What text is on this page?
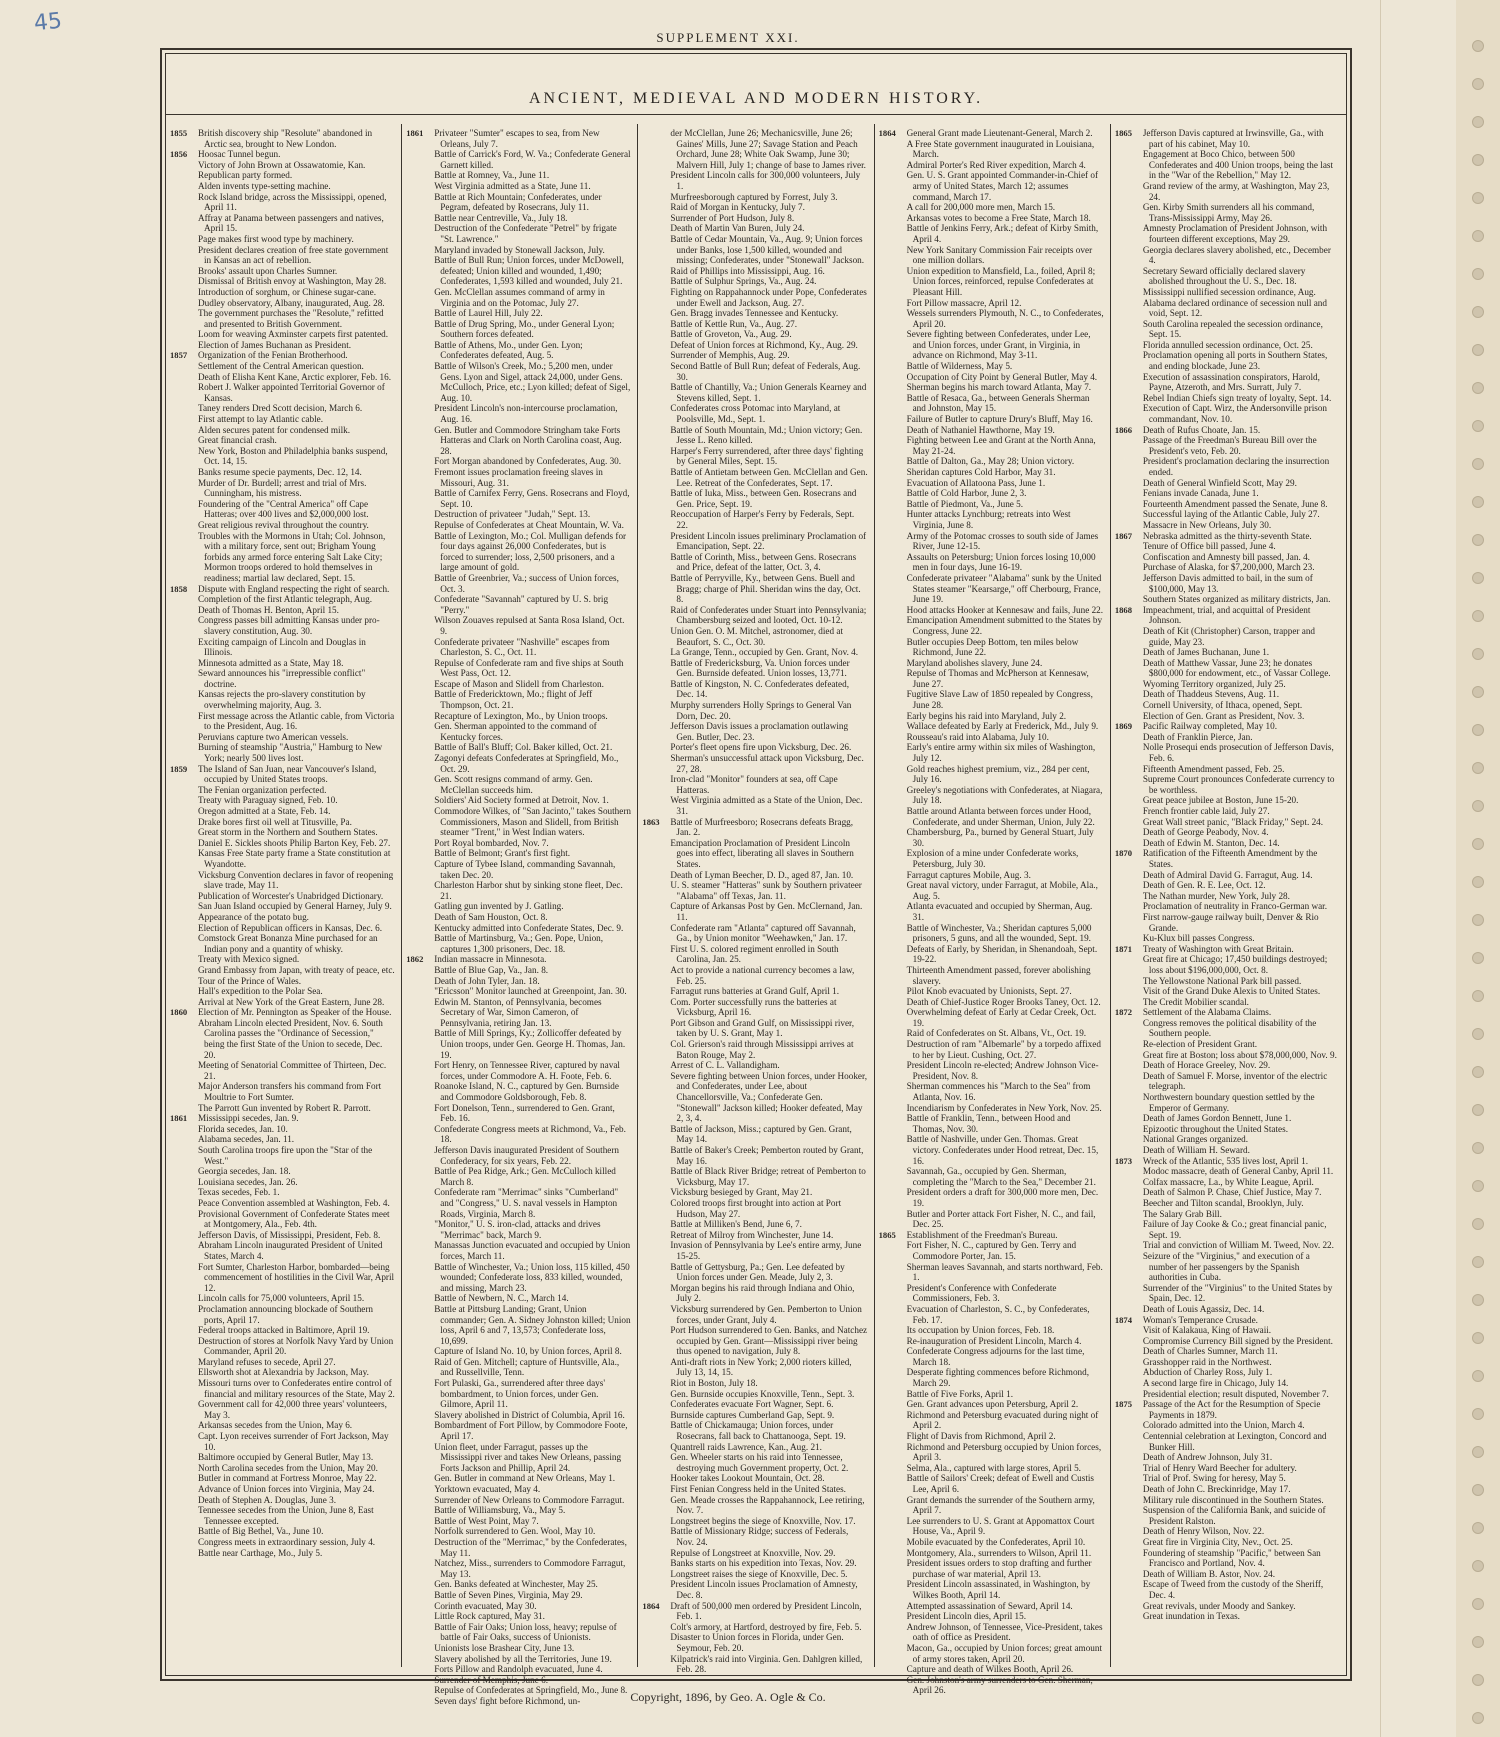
45
SUPPLEMENT XXI.
ANCIENT, MEDIEVAL AND MODERN HISTORY.
1855	British discovery ship "Resolute" abandoned in Arctic sea, brought to New London.
1856	Hoosac Tunnel begun.
Victory of John Brown at Ossawatomie, Kan.
Republican party formed.
Alden invents type-setting machine.
Rock Island bridge, across the Mississippi, opened, April 11.
Affray at Panama between passengers and natives, April 15.
Page makes first wood type by machinery.
President declares creation of free state government in Kansas an act of rebellion.
Brooks' assault upon Charles Sumner.
Dismissal of British envoy at Washington, May 28.
Introduction of sorghum, or Chinese sugar-cane.
Dudley observatory, Albany, inaugurated, Aug. 28.
The government purchases the "Resolute," refitted and presented to British Government.
Loom for weaving Axminster carpets first patented.
Election of James Buchanan as President.
1857	Organization of the Fenian Brotherhood.
Settlement of the Central American question.
Death of Elisha Kent Kane, Arctic explorer, Feb. 16.
Robert J. Walker appointed Territorial Governor of Kansas.
Taney renders Dred Scott decision, March 6.
First attempt to lay Atlantic cable.
Alden secures patent for condensed milk.
Great financial crash.
New York, Boston and Philadelphia banks suspend, Oct. 14, 15.
Banks resume specie payments, Dec. 12, 14.
Murder of Dr. Burdell; arrest and trial of Mrs. Cunningham, his mistress.
Foundering of the "Central America" off Cape Hatteras; over 400 lives and $2,000,000 lost.
Great religious revival throughout the country.
Troubles with the Mormons in Utah; Col. Johnson, with a military force, sent out; Brigham Young forbids any armed force entering Salt Lake City; Mormon troops ordered to hold themselves in readiness; martial law declared, Sept. 15.
1858	Dispute with England respecting the right of search.
Completion of the first Atlantic telegraph, Aug.
Death of Thomas H. Benton, April 15.
Congress passes bill admitting Kansas under pro-slavery constitution, Aug. 30.
Exciting campaign of Lincoln and Douglas in Illinois.
Minnesota admitted as a State, May 18.
Seward announces his "irrepressible conflict" doctrine.
Kansas rejects the pro-slavery constitution by overwhelming majority, Aug. 3.
First message across the Atlantic cable, from Victoria to the President, Aug. 16.
Peruvians capture two American vessels.
Burning of steamship "Austria," Hamburg to New York; nearly 500 lives lost.
1859	The Island of San Juan, near Vancouver's Island, occupied by United States troops.
The Fenian organization perfected.
Treaty with Paraguay signed, Feb. 10.
Oregon admitted at a State, Feb. 14.
Drake bores first oil well at Titusville, Pa.
Great storm in the Northern and Southern States.
Daniel E. Sickles shoots Philip Barton Key, Feb. 27.
Kansas Free State party frame a State constitution at Wyandotte.
Vicksburg Convention declares in favor of reopening slave trade, May 11.
Publication of Worcester's Unabridged Dictionary.
San Juan Island occupied by General Harney, July 9.
Appearance of the potato bug.
Election of Republican officers in Kansas, Dec. 6.
Comstock Great Bonanza Mine purchased for an Indian pony and a quantity of whisky.
Treaty with Mexico signed.
Grand Embassy from Japan, with treaty of peace, etc.
Tour of the Prince of Wales.
Hall's expedition to the Polar Sea.
Arrival at New York of the Great Eastern, June 28.
1860	Election of Mr. Pennington as Speaker of the House.
Abraham Lincoln elected President, Nov. 6. South Carolina passes the "Ordinance of Secession," being the first State of the Union to secede, Dec. 20.
Meeting of Senatorial Committee of Thirteen, Dec. 21.
Major Anderson transfers his command from Fort Moultrie to Fort Sumter.
The Parrott Gun invented by Robert R. Parrott.
1861	Mississippi secedes, Jan. 9.
Florida secedes, Jan. 10.
Alabama secedes, Jan. 11.
South Carolina troops fire upon the "Star of the West."
Georgia secedes, Jan. 18.
Louisiana secedes, Jan. 26.
Texas secedes, Feb. 1.
Peace Convention assembled at Washington, Feb. 4.
Provisional Government of Confederate States meet at Montgomery, Ala., Feb. 4th.
Jefferson Davis, of Mississippi, President, Feb. 8.
Abraham Lincoln inaugurated President of United States, March 4.
Fort Sumter, Charleston Harbor, bombarded—being commencement of hostilities in the Civil War, April 12.
Lincoln calls for 75,000 volunteers, April 15.
Proclamation announcing blockade of Southern ports, April 17.
Federal troops attacked in Baltimore, April 19.
Destruction of stores at Norfolk Navy Yard by Union Commander, April 20.
Maryland refuses to secede, April 27.
Ellsworth shot at Alexandria by Jackson, May.
Missouri turns over to Confederates entire control of financial and military resources of the State, May 2.
Government call for 42,000 three years' volunteers, May 3.
Arkansas secedes from the Union, May 6.
Capt. Lyon receives surrender of Fort Jackson, May 10.
Baltimore occupied by General Butler, May 13.
North Carolina secedes from the Union, May 20.
Butler in command at Fortress Monroe, May 22.
Advance of Union forces into Virginia, May 24.
Death of Stephen A. Douglas, June 3.
Tennessee secedes from the Union, June 8, East Tennessee excepted.
Battle of Big Bethel, Va., June 10.
Congress meets in extraordinary session, July 4.
Battle near Carthage, Mo., July 5.
1861	Privateer "Sumter" escapes to sea, from New Orleans, July 7.
Battle of Carrick's Ford, W. Va.; Confederate General Garnett killed.
Battle at Romney, Va., June 11.
West Virginia admitted as a State, June 11.
Battle at Rich Mountain; Confederates, under Pegram, defeated by Rosecrans, July 11.
Battle near Centreville, Va., July 18.
Destruction of the Confederate "Petrel" by frigate "St. Lawrence."
Maryland invaded by Stonewall Jackson, July.
Battle of Bull Run; Union forces, under McDowell, defeated; Union killed and wounded, 1,490; Confederates, 1,593 killed and wounded, July 21.
Gen. McClellan assumes command of army in Virginia and on the Potomac, July 27.
Battle of Laurel Hill, July 22.
Battle of Drug Spring, Mo., under General Lyon; Southern forces defeated.
Battle of Athens, Mo., under Gen. Lyon; Confederates defeated, Aug. 5.
Battle of Wilson's Creek, Mo.; 5,200 men, under Gens. Lyon and Sigel, attack 24,000, under Gens. McCulloch, Price, etc.; Lyon killed; defeat of Sigel, Aug. 10.
President Lincoln's non-intercourse proclamation, Aug. 16.
Gen. Butler and Commodore Stringham take Forts Hatteras and Clark on North Carolina coast, Aug. 28.
Fort Morgan abandoned by Confederates, Aug. 30.
Fremont issues proclamation freeing slaves in Missouri, Aug. 31.
Battle of Carnifex Ferry, Gens. Rosecrans and Floyd, Sept. 10.
Destruction of privateer "Judah," Sept. 13.
Repulse of Confederates at Cheat Mountain, W. Va.
Battle of Lexington, Mo.; Col. Mulligan defends for four days against 26,000 Confederates, but is forced to surrender; loss, 2,500 prisoners, and a large amount of gold.
Battle of Greenbrier, Va.; success of Union forces, Oct. 3.
Confederate "Savannah" captured by U. S. brig "Perry."
Wilson Zouaves repulsed at Santa Rosa Island, Oct. 9.
Confederate privateer "Nashville" escapes from Charleston, S. C., Oct. 11.
Repulse of Confederate ram and five ships at South West Pass, Oct. 12.
Escape of Mason and Slidell from Charleston.
Battle of Fredericktown, Mo.; flight of Jeff Thompson, Oct. 21.
Recapture of Lexington, Mo., by Union troops.
Gen. Sherman appointed to the command of Kentucky forces.
Battle of Ball's Bluff; Col. Baker killed, Oct. 21.
Zagonyi defeats Confederates at Springfield, Mo., Oct. 29.
Gen. Scott resigns command of army. Gen. McClellan succeeds him.
Soldiers' Aid Society formed at Detroit, Nov. 1.
Commodore Wilkes, of "San Jacinto," takes Southern Commissioners, Mason and Slidell, from British steamer "Trent," in West Indian waters.
Port Royal bombarded, Nov. 7.
Battle of Belmont; Grant's first fight.
Capture of Tybee Island, commanding Savannah, taken Dec. 20.
Charleston Harbor shut by sinking stone fleet, Dec. 21.
Gatling gun invented by J. Gatling.
Death of Sam Houston, Oct. 8.
Kentucky admitted into Confederate States, Dec. 9.
Battle of Martinsburg, Va.; Gen. Pope, Union, captures 1,300 prisoners, Dec. 18.
1862	Indian massacre in Minnesota.
Battle of Blue Gap, Va., Jan. 8.
Death of John Tyler, Jan. 18.
"Ericsson" Monitor launched at Greenpoint, Jan. 30.
Edwin M. Stanton, of Pennsylvania, becomes Secretary of War, Simon Cameron, of Pennsylvania, retiring Jan. 13.
Battle of Mill Springs, Ky.; Zollicoffer defeated by Union troops, under Gen. George H. Thomas, Jan. 19.
Fort Henry, on Tennessee River, captured by naval forces, under Commodore A. H. Foote, Feb. 6.
Roanoke Island, N. C., captured by Gen. Burnside and Commodore Goldsborough, Feb. 8.
Fort Donelson, Tenn., surrendered to Gen. Grant, Feb. 16.
Confederate Congress meets at Richmond, Va., Feb. 18.
Jefferson Davis inaugurated President of Southern Confederacy, for six years, Feb. 22.
Battle of Pea Ridge, Ark.; Gen. McCulloch killed March 8.
Confederate ram "Merrimac" sinks "Cumberland" and "Congress," U. S. naval vessels in Hampton Roads, Virginia, March 8.
"Monitor," U. S. iron-clad, attacks and drives "Merrimac" back, March 9.
Manassas Junction evacuated and occupied by Union forces, March 11.
Battle of Winchester, Va.; Union loss, 115 killed, 450 wounded; Confederate loss, 833 killed, wounded, and missing, March 23.
Battle of Newbern, N. C., March 14.
Battle at Pittsburg Landing; Grant, Union commander; Gen. A. Sidney Johnston killed; Union loss, April 6 and 7, 13,573; Confederate loss, 10,699.
Capture of Island No. 10, by Union forces, April 8.
Raid of Gen. Mitchell; capture of Huntsville, Ala., and Russellville, Tenn.
Fort Pulaski, Ga., surrendered after three days' bombardment, to Union forces, under Gen. Gilmore, April 11.
Slavery abolished in District of Columbia, April 16.
Bombardment of Fort Pillow, by Commodore Foote, April 17.
Union fleet, under Farragut, passes up the Mississippi river and takes New Orleans, passing Forts Jackson and Phillip, April 24.
Gen. Butler in command at New Orleans, May 1.
Yorktown evacuated, May 4.
Surrender of New Orleans to Commodore Farragut.
Battle of Williamsburg, Va., May 5.
Battle of West Point, May 7.
Norfolk surrendered to Gen. Wool, May 10.
Destruction of the "Merrimac," by the Confederates, May 11.
Natchez, Miss., surrenders to Commodore Farragut, May 13.
Gen. Banks defeated at Winchester, May 25.
Battle of Seven Pines, Virginia, May 29.
Corinth evacuated, May 30.
Little Rock captured, May 31.
Battle of Fair Oaks; Union loss, heavy; repulse of battle of Fair Oaks, success of Unionists.
Unionists lose Brashear City, June 13.
Slavery abolished by all the Territories, June 19.
Forts Pillow and Randolph evacuated, June 4.
Surrender of Memphis, June 6.
Repulse of Confederates at Springfield, Mo., June 8.
Seven days' fight before Richmond, un-
der McClellan, June 26; Mechanicsville, June 26; Gaines' Mills, June 27; Savage Station and Peach Orchard, June 28; White Oak Swamp, June 30; Malvern Hill, July 1; change of base to James river.
President Lincoln calls for 300,000 volunteers, July 1.
Murfreesborough captured by Forrest, July 3.
Raid of Morgan in Kentucky, July 7.
Surrender of Port Hudson, July 8.
Death of Martin Van Buren, July 24.
Battle of Cedar Mountain, Va., Aug. 9; Union forces under Banks, lose 1,500 killed, wounded and missing; Confederates, under "Stonewall" Jackson.
Raid of Phillips into Mississippi, Aug. 16.
Battle of Sulphur Springs, Va., Aug. 24.
Fighting on Rappahannock under Pope, Confederates under Ewell and Jackson, Aug. 27.
Gen. Bragg invades Tennessee and Kentucky.
Battle of Kettle Run, Va., Aug. 27.
Battle of Groveton, Va., Aug. 29.
Defeat of Union forces at Richmond, Ky., Aug. 29.
Surrender of Memphis, Aug. 29.
Second Battle of Bull Run; defeat of Federals, Aug. 30.
Battle of Chantilly, Va.; Union Generals Kearney and Stevens killed, Sept. 1.
Confederates cross Potomac into Maryland, at Poolsville, Md., Sept. 1.
Battle of South Mountain, Md.; Union victory; Gen. Jesse L. Reno killed.
Harper's Ferry surrendered, after three days' fighting by General Miles, Sept. 15.
Battle of Antietam between Gen. McClellan and Gen. Lee. Retreat of the Confederates, Sept. 17.
Battle of Iuka, Miss., between Gen. Rosecrans and Gen. Price, Sept. 19.
Reoccupation of Harper's Ferry by Federals, Sept. 22.
President Lincoln issues preliminary Proclamation of Emancipation, Sept. 22.
Battle of Corinth, Miss., between Gens. Rosecrans and Price, defeat of the latter, Oct. 3, 4.
Battle of Perryville, Ky., between Gens. Buell and Bragg; charge of Phil. Sheridan wins the day, Oct. 8.
Raid of Confederates under Stuart into Pennsylvania; Chambersburg seized and looted, Oct. 10-12.
Union Gen. O. M. Mitchel, astronomer, died at Beaufort, S. C., Oct. 30.
La Grange, Tenn., occupied by Gen. Grant, Nov. 4.
Battle of Fredericksburg, Va. Union forces under Gen. Burnside defeated. Union losses, 13,771.
Battle of Kingston, N. C. Confederates defeated, Dec. 14.
Murphy surrenders Holly Springs to General Van Dorn, Dec. 20.
Jefferson Davis issues a proclamation outlawing Gen. Butler, Dec. 23.
Porter's fleet opens fire upon Vicksburg, Dec. 26.
Sherman's unsuccessful attack upon Vicksburg, Dec. 27, 28.
Iron-clad "Monitor" founders at sea, off Cape Hatteras.
West Virginia admitted as a State of the Union, Dec. 31.
1863	Battle of Murfreesboro; Rosecrans defeats Bragg, Jan. 2.
Emancipation Proclamation of President Lincoln goes into effect, liberating all slaves in Southern States.
Death of Lyman Beecher, D. D., aged 87, Jan. 10.
U. S. steamer "Hatteras" sunk by Southern privateer "Alabama" off Texas, Jan. 11.
Capture of Arkansas Post by Gen. McClernand, Jan. 11.
Confederate ram "Atlanta" captured off Savannah, Ga., by Union monitor "Weehawken," Jan. 17.
First U. S. colored regiment enrolled in South Carolina, Jan. 25.
Act to provide a national currency becomes a law, Feb. 25.
Farragut runs batteries at Grand Gulf, April 1.
Com. Porter successfully runs the batteries at Vicksburg, April 16.
Port Gibson and Grand Gulf, on Mississippi river, taken by U. S. Grant, May 1.
Col. Grierson's raid through Mississippi arrives at Baton Rouge, May 2.
Arrest of C. L. Vallandigham.
Severe fighting between Union forces, under Hooker, and Confederates, under Lee, about Chancellorsville, Va.; Confederate Gen. "Stonewall" Jackson killed; Hooker defeated, May 2, 3, 4.
Battle of Jackson, Miss.; captured by Gen. Grant, May 14.
Battle of Baker's Creek; Pemberton routed by Grant, May 16.
Battle of Black River Bridge; retreat of Pemberton to Vicksburg, May 17.
Vicksburg besieged by Grant, May 21.
Colored troops first brought into action at Port Hudson, May 27.
Battle at Milliken's Bend, June 6, 7.
Retreat of Milroy from Winchester, June 14.
Invasion of Pennsylvania by Lee's entire army, June 15-25.
Battle of Gettysburg, Pa.; Gen. Lee defeated by Union forces under Gen. Meade, July 2, 3.
Morgan begins his raid through Indiana and Ohio, July 2.
Vicksburg surrendered by Gen. Pemberton to Union forces, under Grant, July 4.
Port Hudson surrendered to Gen. Banks, and Natchez occupied by Gen. Grant—Mississippi river being thus opened to navigation, July 8.
Anti-draft riots in New York; 2,000 rioters killed, July 13, 14, 15.
Riot in Boston, July 18.
Gen. Burnside occupies Knoxville, Tenn., Sept. 3.
Confederates evacuate Fort Wagner, Sept. 6.
Burnside captures Cumberland Gap, Sept. 9.
Battle of Chickamauga; Union forces, under Rosecrans, fall back to Chattanooga, Sept. 19.
Quantrell raids Lawrence, Kan., Aug. 21.
Gen. Wheeler starts on his raid into Tennessee, destroying much Government property, Oct. 2.
Hooker takes Lookout Mountain, Oct. 28.
First Fenian Congress held in the United States.
Gen. Meade crosses the Rappahannock, Lee retiring, Nov. 7.
Longstreet begins the siege of Knoxville, Nov. 17.
Battle of Missionary Ridge; success of Federals, Nov. 24.
Repulse of Longstreet at Knoxville, Nov. 29.
Banks starts on his expedition into Texas, Nov. 29.
Longstreet raises the siege of Knoxville, Dec. 5.
President Lincoln issues Proclamation of Amnesty, Dec. 8.
1864	Draft of 500,000 men ordered by President Lincoln, Feb. 1.
Colt's armory, at Hartford, destroyed by fire, Feb. 5.
Disaster to Union forces in Florida, under Gen. Seymour, Feb. 20.
Kilpatrick's raid into Virginia. Gen. Dahlgren killed, Feb. 28.
1864	General Grant made Lieutenant-General, March 2.
A Free State government inaugurated in Louisiana, March.
Admiral Porter's Red River expedition, March 4.
Gen. U. S. Grant appointed Commander-in-Chief of army of United States, March 12; assumes command, March 17.
A call for 200,000 more men, March 15.
Arkansas votes to become a Free State, March 18.
Battle of Jenkins Ferry, Ark.; defeat of Kirby Smith, April 4.
New York Sanitary Commission Fair receipts over one million dollars.
Union expedition to Mansfield, La., foiled, April 8; Union forces, reinforced, repulse Confederates at Pleasant Hill.
Fort Pillow massacre, April 12.
Wessels surrenders Plymouth, N. C., to Confederates, April 20.
Severe fighting between Confederates, under Lee, and Union forces, under Grant, in Virginia, in advance on Richmond, May 3-11.
Battle of Wilderness, May 5.
Occupation of City Point by General Butler, May 4.
Sherman begins his march toward Atlanta, May 7.
Battle of Resaca, Ga., between Generals Sherman and Johnston, May 15.
Failure of Butler to capture Drury's Bluff, May 16.
Death of Nathaniel Hawthorne, May 19.
Fighting between Lee and Grant at the North Anna, May 21-24.
Battle of Dalton, Ga., May 28; Union victory.
Sheridan captures Cold Harbor, May 31.
Evacuation of Allatoona Pass, June 1.
Battle of Cold Harbor, June 2, 3.
Battle of Piedmont, Va., June 5.
Hunter attacks Lynchburg; retreats into West Virginia, June 8.
Army of the Potomac crosses to south side of James River, June 12-15.
Assaults on Petersburg; Union forces losing 10,000 men in four days, June 16-19.
Confederate privateer "Alabama" sunk by the United States steamer "Kearsarge," off Cherbourg, France, June 19.
Hood attacks Hooker at Kennesaw and fails, June 22.
Emancipation Amendment submitted to the States by Congress, June 22.
Butler occupies Deep Bottom, ten miles below Richmond, June 22.
Maryland abolishes slavery, June 24.
Repulse of Thomas and McPherson at Kennesaw, June 27.
Fugitive Slave Law of 1850 repealed by Congress, June 28.
Early begins his raid into Maryland, July 2.
Wallace defeated by Early at Frederick, Md., July 9.
Rousseau's raid into Alabama, July 10.
Early's entire army within six miles of Washington, July 12.
Gold reaches highest premium, viz., 284 per cent, July 16.
Greeley's negotiations with Confederates, at Niagara, July 18.
Battle around Atlanta between forces under Hood, Confederate, and under Sherman, Union, July 22.
Chambersburg, Pa., burned by General Stuart, July 30.
Explosion of a mine under Confederate works, Petersburg, July 30.
Farragut captures Mobile, Aug. 3.
Great naval victory, under Farragut, at Mobile, Ala., Aug. 5.
Atlanta evacuated and occupied by Sherman, Aug. 31.
Battle of Winchester, Va.; Sheridan captures 5,000 prisoners, 5 guns, and all the wounded, Sept. 19.
Defeats of Early, by Sheridan, in Shenandoah, Sept. 19-22.
Thirteenth Amendment passed, forever abolishing slavery.
Pilot Knob evacuated by Unionists, Sept. 27.
Death of Chief-Justice Roger Brooks Taney, Oct. 12.
Overwhelming defeat of Early at Cedar Creek, Oct. 19.
Raid of Confederates on St. Albans, Vt., Oct. 19.
Destruction of ram "Albemarle" by a torpedo affixed to her by Lieut. Cushing, Oct. 27.
President Lincoln re-elected; Andrew Johnson Vice-President, Nov. 8.
Sherman commences his "March to the Sea" from Atlanta, Nov. 16.
Incendiarism by Confederates in New York, Nov. 25.
Battle of Franklin, Tenn., between Hood and Thomas, Nov. 30.
Battle of Nashville, under Gen. Thomas. Great victory. Confederates under Hood retreat, Dec. 15, 16.
Savannah, Ga., occupied by Gen. Sherman, completing the "March to the Sea," December 21.
President orders a draft for 300,000 more men, Dec. 19.
Butler and Porter attack Fort Fisher, N. C., and fail, Dec. 25.
1865	Establishment of the Freedman's Bureau.
Fort Fisher, N. C., captured by Gen. Terry and Commodore Porter, Jan. 15.
Sherman leaves Savannah, and starts northward, Feb. 1.
President's Conference with Confederate Commissioners, Feb. 3.
Evacuation of Charleston, S. C., by Confederates, Feb. 17.
Its occupation by Union forces, Feb. 18.
Re-inauguration of President Lincoln, March 4.
Confederate Congress adjourns for the last time, March 18.
Desperate fighting commences before Richmond, March 29.
Battle of Five Forks, April 1.
Gen. Grant advances upon Petersburg, April 2.
Richmond and Petersburg evacuated during night of April 2.
Flight of Davis from Richmond, April 2.
Richmond and Petersburg occupied by Union forces, April 3.
Selma, Ala., captured with large stores, April 5.
Battle of Sailors' Creek; defeat of Ewell and Custis Lee, April 6.
Grant demands the surrender of the Southern army, April 7.
Lee surrenders to U. S. Grant at Appomattox Court House, Va., April 9.
Mobile evacuated by the Confederates, April 10.
Montgomery, Ala., surrenders to Wilson, April 11.
President issues orders to stop drafting and further purchase of war material, April 13.
President Lincoln assassinated, in Washington, by Wilkes Booth, April 14.
Attempted assassination of Seward, April 14.
President Lincoln dies, April 15.
Andrew Johnson, of Tennessee, Vice-President, takes oath of office as President.
Macon, Ga., occupied by Union forces; great amount of army stores taken, April 20.
Capture and death of Wilkes Booth, April 26.
Gen. Johnston's army surrenders to Gen. Sherman, April 26.
1865	Jefferson Davis captured at Irwinsville, Ga., with part of his cabinet, May 10.
Engagement at Boco Chico, between 500 Confederates and 400 Union troops, being the last in the "War of the Rebellion," May 12.
Grand review of the army, at Washington, May 23, 24.
Gen. Kirby Smith surrenders all his command, Trans-Mississippi Army, May 26.
Amnesty Proclamation of President Johnson, with fourteen different exceptions, May 29.
Georgia declares slavery abolished, etc., December 4.
Secretary Seward officially declared slavery abolished throughout the U. S., Dec. 18.
Mississippi nullified secession ordinance, Aug.
Alabama declared ordinance of secession null and void, Sept. 12.
South Carolina repealed the secession ordinance, Sept. 15.
Florida annulled secession ordinance, Oct. 25.
Proclamation opening all ports in Southern States, and ending blockade, June 23.
Execution of assassination conspirators, Harold, Payne, Atzeroth, and Mrs. Surratt, July 7.
Rebel Indian Chiefs sign treaty of loyalty, Sept. 14.
Execution of Capt. Wirz, the Andersonville prison commandant, Nov. 10.
1866	Death of Rufus Choate, Jan. 15.
Passage of the Freedman's Bureau Bill over the President's veto, Feb. 20.
President's proclamation declaring the insurrection ended.
Death of General Winfield Scott, May 29.
Fenians invade Canada, June 1.
Fourteenth Amendment passed the Senate, June 8.
Successful laying of the Atlantic Cable, July 27.
Massacre in New Orleans, July 30.
1867	Nebraska admitted as the thirty-seventh State.
Tenure of Office bill passed, June 4.
Confiscation and Amnesty bill passed, Jan. 4.
Purchase of Alaska, for $7,200,000, March 23.
Jefferson Davis admitted to bail, in the sum of $100,000, May 13.
Southern States organized as military districts, Jan.
1868	Impeachment, trial, and acquittal of President Johnson.
Death of Kit (Christopher) Carson, trapper and guide, May 23.
Death of James Buchanan, June 1.
Death of Matthew Vassar, June 23; he donates $800,000 for endowment, etc., of Vassar College.
Wyoming Territory organized, July 25.
Death of Thaddeus Stevens, Aug. 11.
Cornell University, of Ithaca, opened, Sept.
Election of Gen. Grant as President, Nov. 3.
1869	Pacific Railway completed, May 10.
Death of Franklin Pierce, Jan.
Nolle Prosequi ends prosecution of Jefferson Davis, Feb. 6.
Fifteenth Amendment passed, Feb. 25.
Supreme Court pronounces Confederate currency to be worthless.
Great peace jubilee at Boston, June 15-20.
French frontier cable laid, July 27.
Great Wall street panic, "Black Friday," Sept. 24.
Death of George Peabody, Nov. 4.
Death of Edwin M. Stanton, Dec. 14.
1870	Ratification of the Fifteenth Amendment by the States.
Death of Admiral David G. Farragut, Aug. 14.
Death of Gen. R. E. Lee, Oct. 12.
The Nathan murder, New York, July 28.
Proclamation of neutrality in Franco-German war.
First narrow-gauge railway built, Denver & Rio Grande.
Ku-Klux bill passes Congress.
1871	Treaty of Washington with Great Britain.
Great fire at Chicago; 17,450 buildings destroyed; loss about $196,000,000, Oct. 8.
The Yellowstone National Park bill passed.
Visit of the Grand Duke Alexis to United States.
The Credit Mobilier scandal.
1872	Settlement of the Alabama Claims.
Congress removes the political disability of the Southern people.
Re-election of President Grant.
Great fire at Boston; loss about $78,000,000, Nov. 9.
Death of Horace Greeley, Nov. 29.
Death of Samuel F. Morse, inventor of the electric telegraph.
Northwestern boundary question settled by the Emperor of Germany.
Death of James Gordon Bennett, June 1.
Epizootic throughout the United States.
National Granges organized.
Death of William H. Seward.
1873	Wreck of the Atlantic, 535 lives lost, April 1.
Modoc massacre, death of General Canby, April 11.
Colfax massacre, La., by White League, April.
Death of Salmon P. Chase, Chief Justice, May 7.
Beecher and Tilton scandal, Brooklyn, July.
The Salary Grab Bill.
Failure of Jay Cooke & Co.; great financial panic, Sept. 19.
Trial and conviction of William M. Tweed, Nov. 22.
Seizure of the "Virginius," and execution of a number of her passengers by the Spanish authorities in Cuba.
Surrender of the "Virginius" to the United States by Spain, Dec. 12.
Death of Louis Agassiz, Dec. 14.
1874	Woman's Temperance Crusade.
Visit of Kalakaua, King of Hawaii.
Compromise Currency Bill signed by the President.
Death of Charles Sumner, March 11.
Grasshopper raid in the Northwest.
Abduction of Charley Ross, July 1.
A second large fire in Chicago, July 14.
Presidential election; result disputed, November 7.
1875	Passage of the Act for the Resumption of Specie Payments in 1879.
Colorado admitted into the Union, March 4.
Centennial celebration at Lexington, Concord and Bunker Hill.
Death of Andrew Johnson, July 31.
Trial of Henry Ward Beecher for adultery.
Trial of Prof. Swing for heresy, May 5.
Death of John C. Breckinridge, May 17.
Military rule discontinued in the Southern States.
Suspension of the California Bank, and suicide of President Ralston.
Death of Henry Wilson, Nov. 22.
Great fire in Virginia City, Nev., Oct. 25.
Foundering of steamship "Pacific," between San Francisco and Portland, Nov. 4.
Death of William B. Astor, Nov. 24.
Escape of Tweed from the custody of the Sheriff, Dec. 4.
Great revivals, under Moody and Sankey.
Great inundation in Texas.
Copyright, 1896, by Geo. A. Ogle & Co.
